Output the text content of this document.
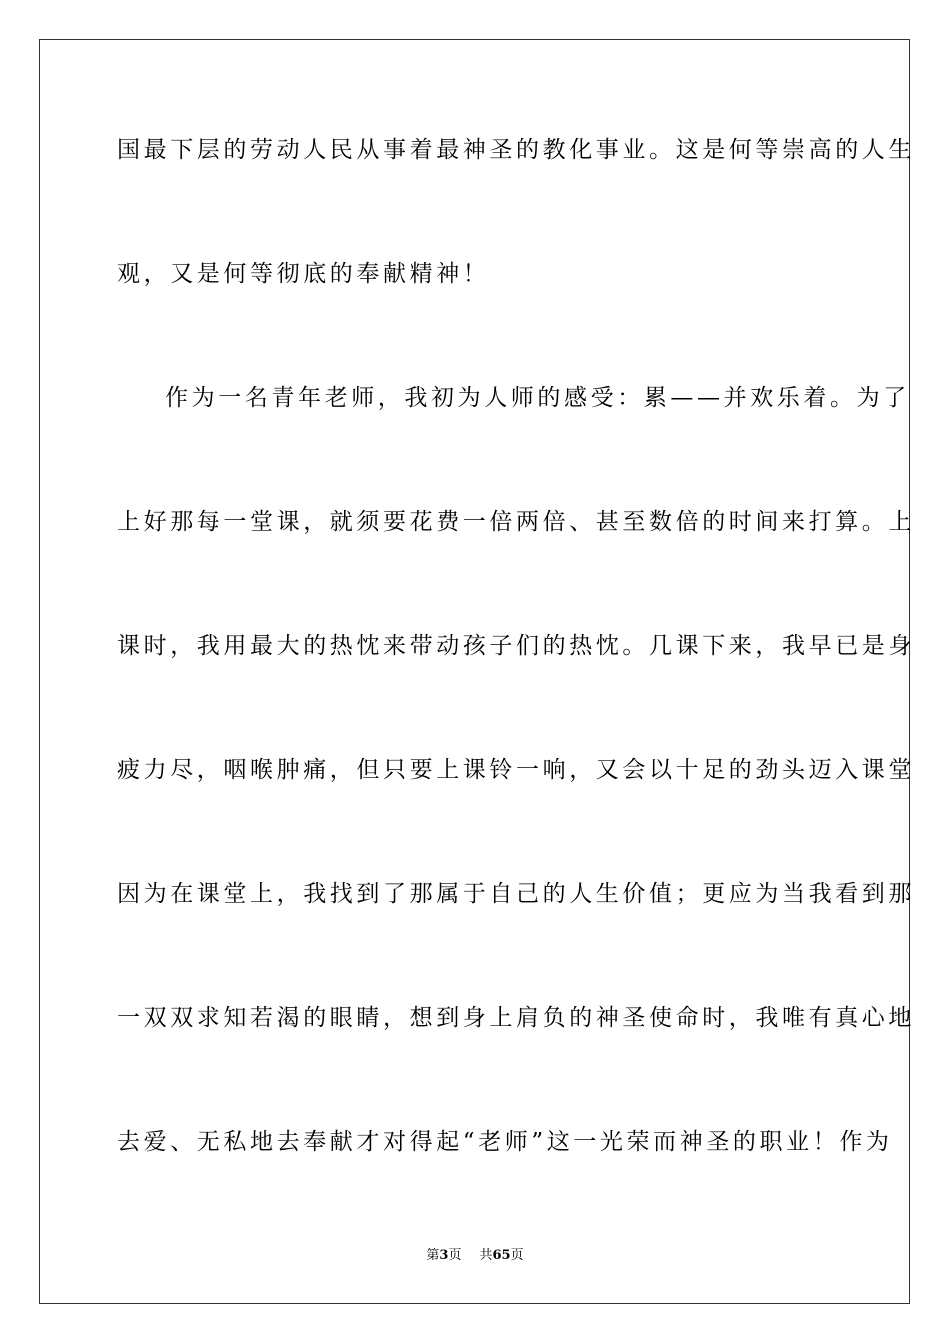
国最下层的劳动人民从事着最神圣的教化事业。这是何等崇高的人生
观，又是何等彻底的奉献精神！
作为一名青年老师，我初为人师的感受：累——并欢乐着。为了
上好那每一堂课，就须要花费一倍两倍、甚至数倍的时间来打算。上
课时，我用最大的热忱来带动孩子们的热忱。几课下来，我早已是身
疲力尽，咽喉肿痛，但只要上课铃一响，又会以十足的劲头迈入课堂
因为在课堂上，我找到了那属于自己的人生价值；更应为当我看到那
一双双求知若渴的眼睛，想到身上肩负的神圣使命时，我唯有真心地
去爱、无私地去奉献才对得起“老师”这一光荣而神圣的职业！作为
第3页 共65页
